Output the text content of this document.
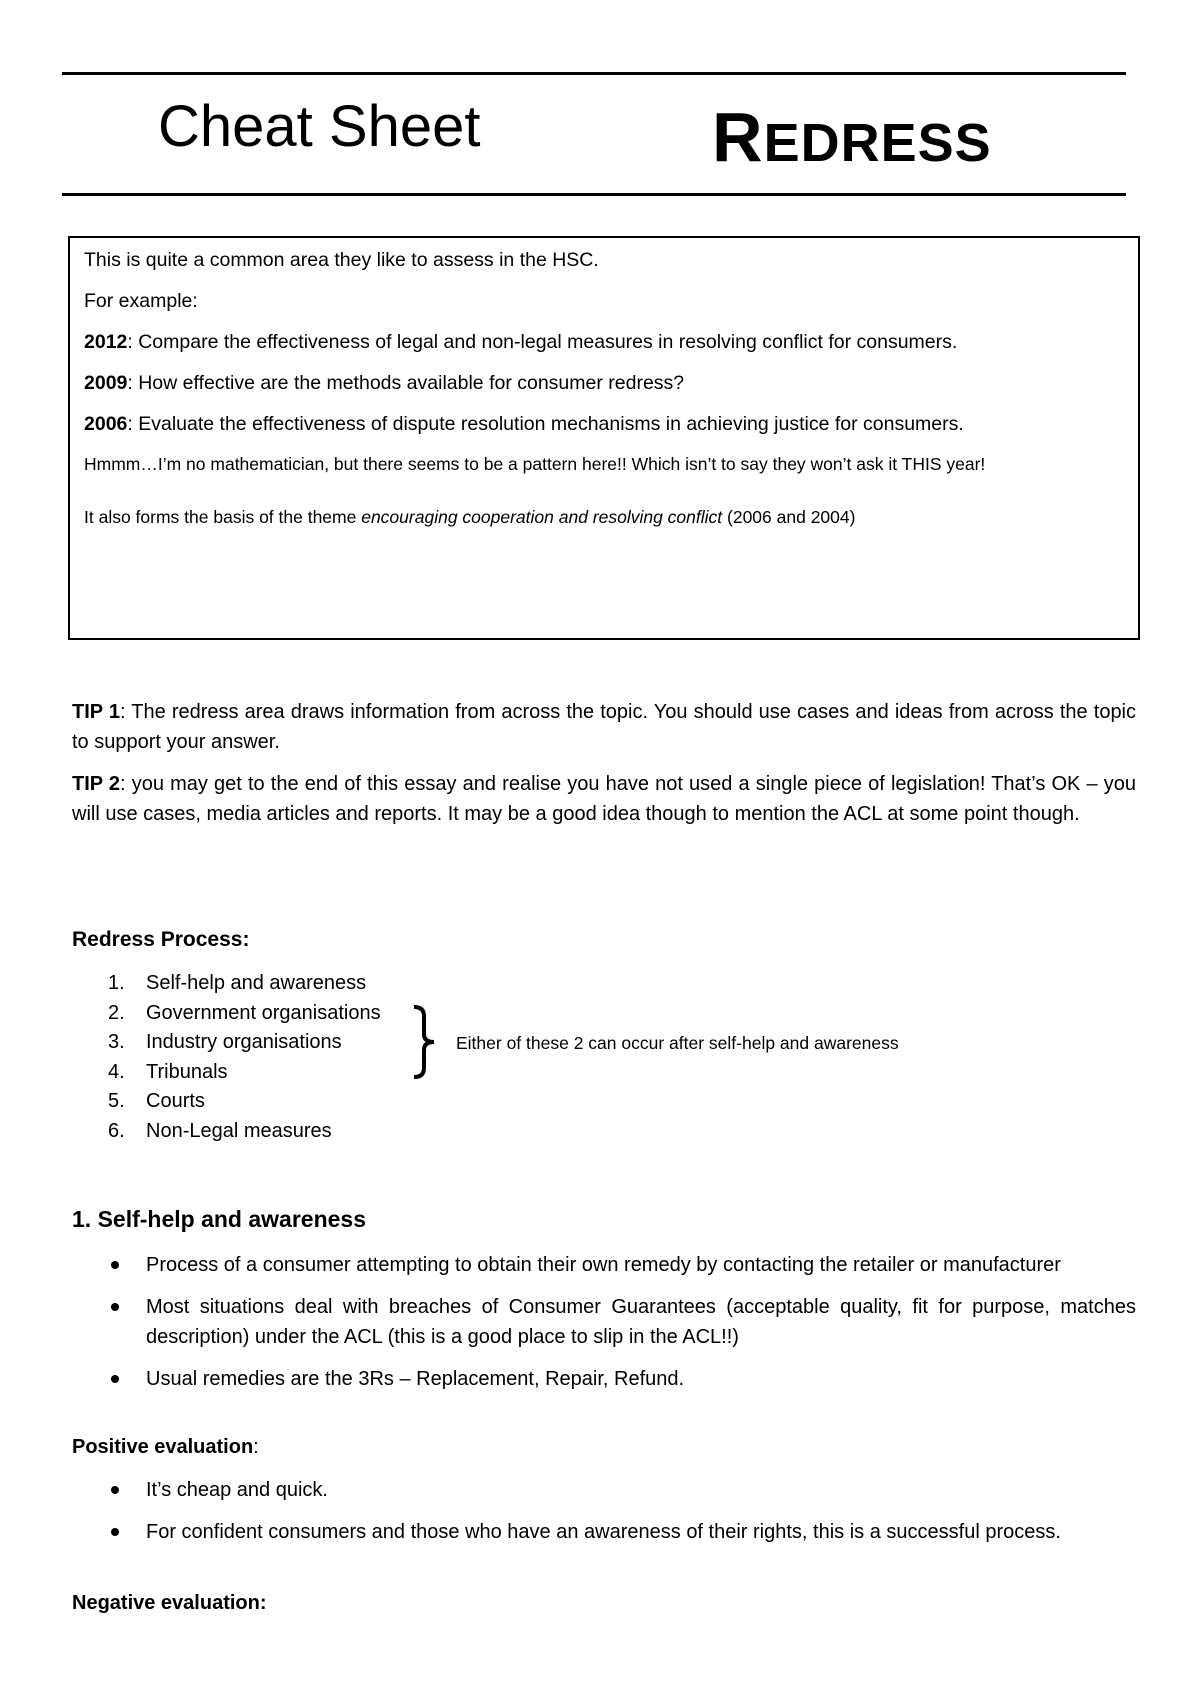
Cheat Sheet	REDRESS

This is quite a common area they like to assess in the HSC.

For example:

2012: Compare the effectiveness of legal and non-legal measures in resolving conflict for consumers.

2009: How effective are the methods available for consumer redress?

2006: Evaluate the effectiveness of dispute resolution mechanisms in achieving justice for consumers.

Hmmm…I’m no mathematician, but there seems to be a pattern here!! Which isn’t to say they won’t ask it THIS year!

It also forms the basis of the theme encouraging cooperation and resolving conflict (2006 and 2004)

TIP 1: The redress area draws information from across the topic. You should use cases and ideas from across the topic to support your answer.

TIP 2: you may get to the end of this essay and realise you have not used a single piece of legislation! That’s OK – you will use cases, media articles and reports. It may be a good idea though to mention the ACL at some point though.

Redress Process:
1.	Self-help and awareness
2.	Government organisations
3.	Industry organisations
4.	Tribunals
5.	Courts
6.	Non-Legal measures
Either of these 2 can occur after self-help and awareness
1. Self-help and awareness
Process of a consumer attempting to obtain their own remedy by contacting the retailer or manufacturer
Most situations deal with breaches of Consumer Guarantees (acceptable quality, fit for purpose, matches description) under the ACL (this is a good place to slip in the ACL!!)
Usual remedies are the 3Rs – Replacement, Repair, Refund.
Positive evaluation:
It’s cheap and quick.
For confident consumers and those who have an awareness of their rights, this is a successful process.
Negative evaluation:
